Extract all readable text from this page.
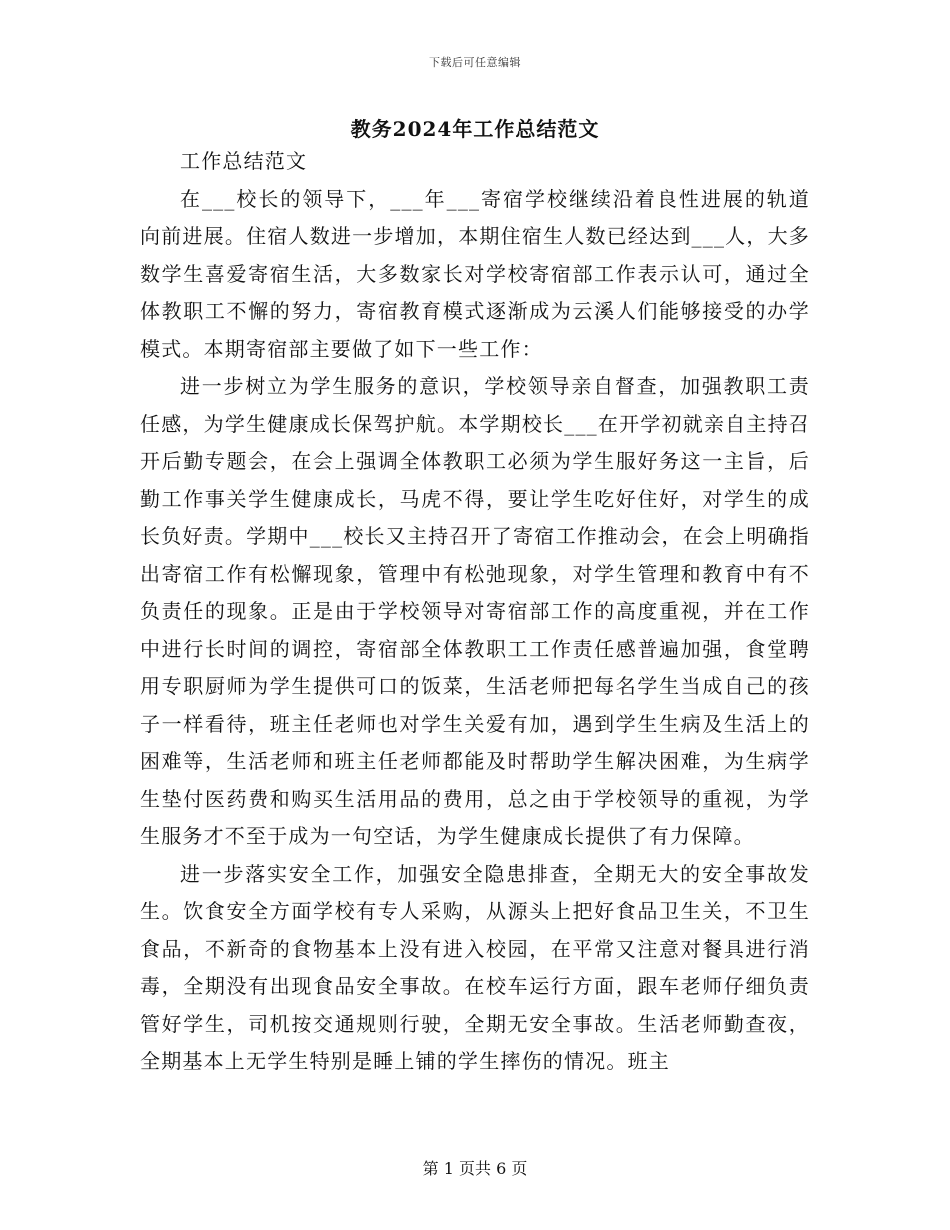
下载后可任意编辑
教务2024年工作总结范文

工作总结范文

在___校长的领导下，___年___寄宿学校继续沿着良性进展的轨道向前进展。住宿人数进一步增加，本期住宿生人数已经达到___人，大多数学生喜爱寄宿生活，大多数家长对学校寄宿部工作表示认可，通过全体教职工不懈的努力，寄宿教育模式逐渐成为云溪人们能够接受的办学模式。本期寄宿部主要做了如下一些工作：

进一步树立为学生服务的意识，学校领导亲自督查，加强教职工责任感，为学生健康成长保驾护航。本学期校长___在开学初就亲自主持召开后勤专题会，在会上强调全体教职工必须为学生服好务这一主旨，后勤工作事关学生健康成长，马虎不得，要让学生吃好住好，对学生的成长负好责。学期中___校长又主持召开了寄宿工作推动会，在会上明确指出寄宿工作有松懈现象，管理中有松弛现象，对学生管理和教育中有不负责任的现象。正是由于学校领导对寄宿部工作的高度重视，并在工作中进行长时间的调控，寄宿部全体教职工工作责任感普遍加强，食堂聘用专职厨师为学生提供可口的饭菜，生活老师把每名学生当成自己的孩子一样看待，班主任老师也对学生关爱有加，遇到学生生病及生活上的困难等，生活老师和班主任老师都能及时帮助学生解决困难，为生病学生垫付医药费和购买生活用品的费用，总之由于学校领导的重视，为学生服务才不至于成为一句空话，为学生健康成长提供了有力保障。

进一步落实安全工作，加强安全隐患排查，全期无大的安全事故发生。饮食安全方面学校有专人采购，从源头上把好食品卫生关，不卫生食品，不新奇的食物基本上没有进入校园，在平常又注意对餐具进行消毒，全期没有出现食品安全事故。在校车运行方面，跟车老师仔细负责管好学生，司机按交通规则行驶，全期无安全事故。生活老师勤查夜，全期基本上无学生特别是睡上铺的学生摔伤的情况。班主

第 1 页共 6 页
